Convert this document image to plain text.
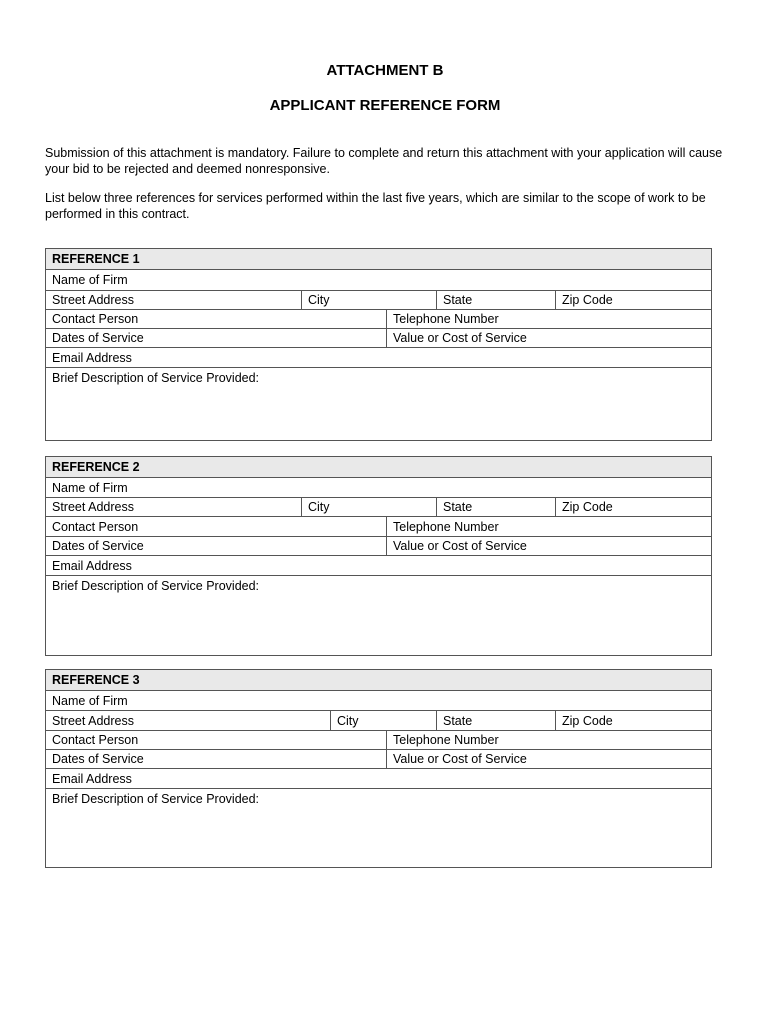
ATTACHMENT B
APPLICANT REFERENCE FORM
Submission of this attachment is mandatory. Failure to complete and return this attachment with your application will cause your bid to be rejected and deemed nonresponsive.
List below three references for services performed within the last five years, which are similar to the scope of work to be performed in this contract.
REFERENCE 1
Name of Firm
Street Address	City	State	Zip Code
Contact Person	Telephone Number
Dates of Service	Value or Cost of Service
Email Address
Brief Description of Service Provided:
REFERENCE 2
Name of Firm
Street Address	City	State	Zip Code
Contact Person	Telephone Number
Dates of Service	Value or Cost of Service
Email Address
Brief Description of Service Provided:
REFERENCE 3
Name of Firm
Street Address	City	State	Zip Code
Contact Person	Telephone Number
Dates of Service	Value or Cost of Service
Email Address
Brief Description of Service Provided:
